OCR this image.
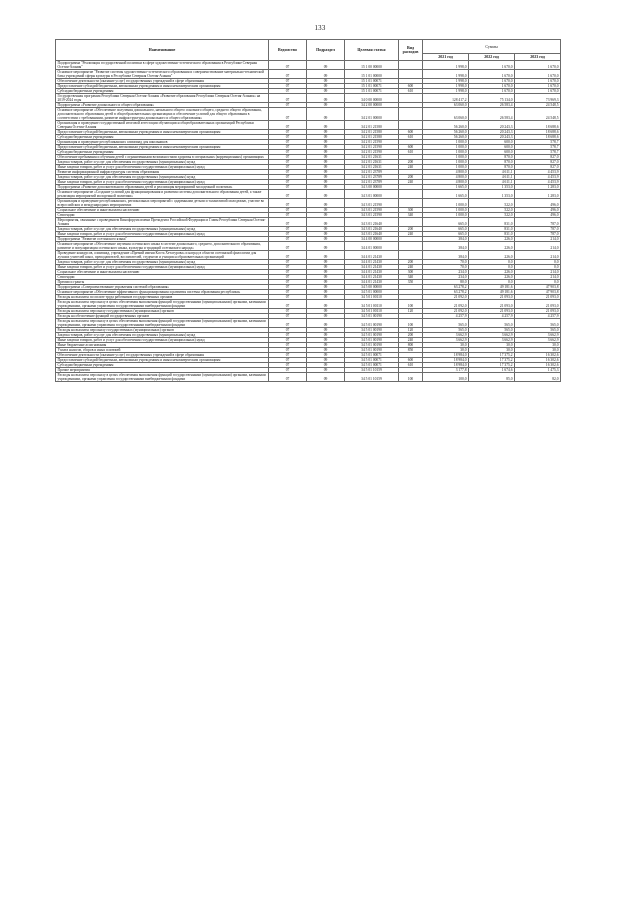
133
Наименование	Ведомство	Подраздел	Целевая статья	Вид расходов	Суммы		
					2021 год	2022 год	2023 год
Подпрограмма "Реализация государственной политики в сфере художественно-эстетического образования в Республике Северная Осетия-Алания"	07	09	15 1 00 00000		1 998,0	1 670,0	1 670,0
Основное мероприятие "Развитие системы художественно-эстетического образования и совершенствование материально-технической базы учреждений сферы культуры в Республике Северная Осетия-Алания"	07	09	15 1 01 00000		1 998,0	1 670,0	1 670,0
Обеспечение деятельности (оказание услуг) государственных учреждений в сфере образования	07	09	15 1 01 00071		1 998,0	1 670,0	1 670,0
Предоставление субсидий бюджетным, автономным учреждениям и иным некоммерческим организациям	07	09	15 1 01 00071	600	1 998,0	1 670,0	1 670,0
Субсидии бюджетным учреждениям	07	09	15 1 01 00071	610	1 998,0	1 670,0	1 670,0
Государственная программа Республики Северная Осетия-Алания «Развитие образования Республики Северная Осетия-Алания» на 2019-2024 годы	07	09	34 0 00 00000		128 417,2	75 134,0	73 969,3
Подпрограмма «Развитие дошкольного и общего образования»	07	09	34 2 00 00000		63 060,0	26 583,4	24 548,5
Основное мероприятие «Обеспечение получения дошкольного, начального общего основного общего, среднего общего образования, дополнительного образования детей в общеобразовательных организациях и обеспечение условий для общего образования в соответствии с требованиями, развитие инфраструктуры дошкольного и общего образования»	07	09	34 2 01 00000		63 060,0	26 583,4	24 548,5
Организация и проведение государственной итоговой аттестации обучающихся общеобразовательных организаций Республики Северная Осетия-Алания	07	09	34 2 01 21580		56 260,0	20 243,3	18 688,6
Предоставление субсидий бюджетным, автономным учреждениям и иным некоммерческим организациям	07	09	34 2 01 21580	600	56 260,0	20 243,3	18 688,6
Субсидии бюджетным учреждениям	07	09	34 2 01 21580	610	56 260,0	20 243,3	18 688,6
Организация и проведение республиканских олимпиад для школьников	07	09	34 2 01 21590		1 000,0	600,0	578,7
Предоставление субсидий бюджетным, автономным учреждениям и иным некоммерческим организациям	07	09	34 2 01 21590	600	1 000,0	600,0	578,7
Субсидии бюджетным учреждениям	07	09	34 2 01 21590	610	1 000,0	600,0	578,7
Обеспечение пребывания и обучения детей с ограниченными возможностями здоровья в специальных (коррекционных) организациях	07	09	34 2 01 21631		1 000,0	870,0	827,0
Закупка товаров, работ и услуг для обеспечения государственных (муниципальных) нужд	07	09	34 2 01 21631	200	1 000,0	870,0	827,0
Иные закупки товаров, работ и услуг для обеспечения государственных (муниципальных) нужд	07	09	34 2 01 21631	240	1 000,0	870,0	827,0
Развитие информационной инфраструктуры системы образования	07	09	34 2 01 23789		4 800,0	4 611,1	4 453,9
Закупка товаров, работ и услуг для обеспечения государственных (муниципальных) нужд	07	09	34 2 01 23789	200	4 800,0	4 611,1	4 453,9
Иные закупки товаров, работ и услуг для обеспечения государственных (муниципальных) нужд	07	09	34 2 01 23789	240	4 800,0	4 611,1	4 453,9
Подпрограмма «Развитие дополнительного образования детей и реализация мероприятий молодежной политики»	07	09	34 3 00 00000		1 665,0	1 353,0	1 283,0
Основное мероприятие «Создание условий для функционирования и развития системы дополнительного образования детей, а также реализация мероприятий молодежной политики»	07	09	34 3 01 00000		1 665,0	1 353,0	1 283,0
Организация и проведение республиканских, региональных мероприятий с одаренными детьми и талантливой молодежью, участие во всероссийских и международных мероприятиях	07	09	34 3 01 21590		1 000,0	522,0	496,0
Социальное обеспечение и иные выплаты населению	07	09	34 3 01 21590	300	1 000,0	522,0	496,0
Стипендии	07	09	34 3 01 21590	340	1 000,0	522,0	496,0
Мероприятия, связанные с проведением Кинофорума имени Президента Российской Федерации и Главы Республики Северная Осетия-Алания	07	09	34 3 01 21640		665,0	831,0	787,0
Закупка товаров, работ и услуг для обеспечения государственных (муниципальных) нужд	07	09	34 3 01 21640	200	665,0	831,0	787,0
Иные закупки товаров, работ и услуг для обеспечения государственных (муниципальных) нужд	07	09	34 3 01 21640	240	665,0	831,0	787,0
Подпрограмма "Развитие осетинского языка"	07	09	34 4 00 00000		384,0	226,0	214,0
Основное мероприятие «Обеспечение изучения осетинского языка в системе дошкольного, среднего, дополнительного образования, развитие и популяризация осетинского языка, культуры и традиций осетинского народа»	07	09	34 4 01 00000		384,0	226,0	214,0
Проведение конкурсов, олимпиад, учреждение «Премий имени Коста Хетагурова» и наград в области осетинской филологии для лучших учителей школ, преподавателей, воспитателей, студентов и учащихся образовательных организаций	07	09	34 4 01 21430		384,0	226,0	214,0
Закупка товаров, работ и услуг для обеспечения государственных (муниципальных) нужд	07	09	34 4 01 21430	200	70,0	0,0	0,0
Иные закупки товаров, работ и услуг для обеспечения государственных (муниципальных) нужд	07	09	34 4 01 21430	240	70,0	0,0	0,0
Социальное обеспечение и иные выплаты населению	07	09	34 4 01 21430	300	234,0	226,0	214,0
Стипендии	07	09	34 4 01 21430	340	234,0	226,0	214,0
Премии и гранты	07	09	34 4 01 21430	350	80,0	0,0	0,0
Подпрограмма «Совершенствование управления системой образования»	07	09	34 5 00 00000		63 278,2	49 181,6	47 903,8
Основное мероприятие «Обеспечение эффективного функционирования и развития системы образования республики»	07	09	34 5 01 00000		63 278,2	49 181,6	47 903,8
Расходы на выплаты по оплате труда работников государственных органов	07	09	34 5 01 00110		21 092,0	21 093,0	21 093,0
Расходы на выплаты персоналу в целях обеспечения выполнения функций государственными (муниципальными) органами, казенными учреждениями, органами управления государственными внебюджетными фондами	07	09	34 5 01 00110	100	21 092,0	21 093,0	21 093,0
Расходы на выплаты персоналу государственных (муниципальных) органов	07	09	34 5 01 00110	120	21 092,0	21 093,0	21 093,0
Расходы на обеспечение функций государственных органов	07	09	34 5 01 00190		4 257,9	4 257,9	4 257,9
Расходы на выплаты персоналу в целях обеспечения выполнения функций государственными (муниципальными) органами, казенными учреждениями, органами управления государственными внебюджетными фондами	07	09	34 5 01 00190	100	565,0	565,0	565,0
Расходы на выплаты персоналу государственных (муниципальных) органов	07	09	34 5 01 00190	120	565,0	565,0	565,0
Закупка товаров, работ и услуг для обеспечения государственных (муниципальных) нужд	07	09	34 5 01 00190	200	3 662,9	3 662,9	3 662,9
Иные закупки товаров, работ и услуг для обеспечения государственных (муниципальных) нужд	07	09	34 5 01 00190	240	3 662,9	3 662,9	3 662,9
Иные бюджетные ассигнования	07	09	34 5 01 00190	800	30,0	30,0	30,0
Уплата налогов, сборов и иных платежей	07	09	34 5 01 00190	850	30,0	30,0	30,0
Обеспечение деятельности (оказание услуг) государственных учреждений в сфере образования	07	09	34 5 01 00071		18 984,0	17 375,2	16 302,6
Предоставление субсидий бюджетным, автономным учреждениям и иным некоммерческим организациям	07	09	34 5 01 00071	600	18 984,0	17 375,2	16 302,6
Субсидии бюджетным учреждениям	07	09	34 5 01 00071	610	18 984,0	17 375,2	16 302,6
Прочие мероприятия	07	09	34 5 01 10159		3 177,8	1 674,6	1 475,3
Расходы на выплаты персоналу в целях обеспечения выполнения функций государственными (муниципальными) органами, казенными учреждениями, органами управления государственными внебюджетными фондами	07	09	34 5 01 10159	100	100,0	85,0	82,0
